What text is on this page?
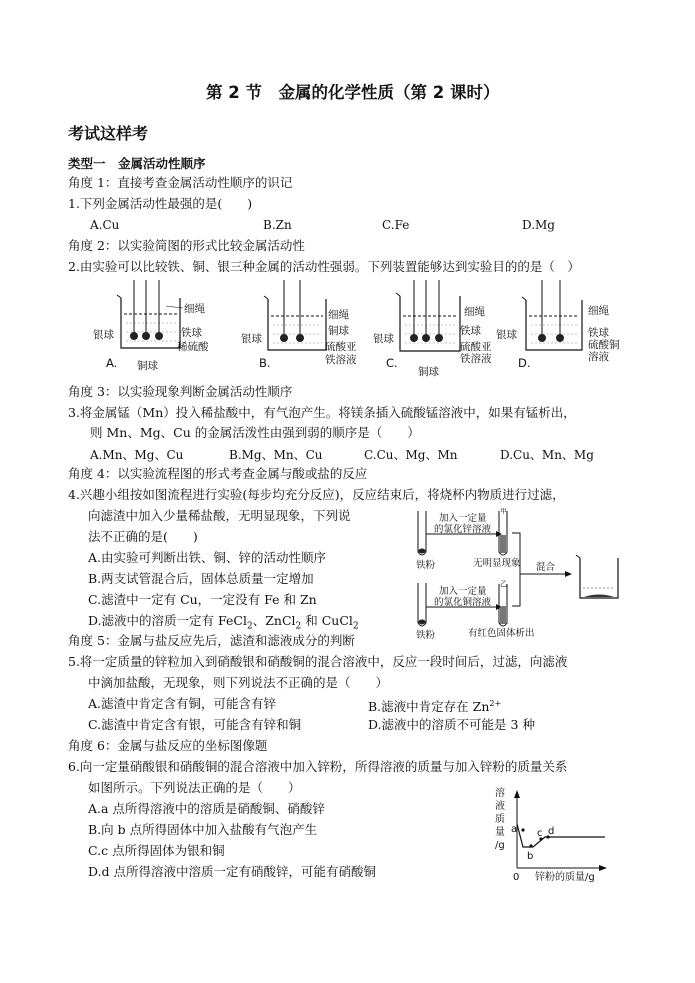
第 2 节　金属的化学性质（第 2 课时）
考试这样考
类型一　金属活动性顺序
角度 1：直接考查金属活动性顺序的识记
1.下列金属活动性最强的是(　　)
A.Cu	B.Zn	C.Fe	D.Mg
角度 2：以实验简图的形式比较金属活动性
2.由实验可以比较铁、铜、银三种金属的活动性强弱。下列装置能够达到实验目的的是（　）
细绳
银球	铁球
稀硫酸
铜球
A.
细绳
铜球
银球
硫酸亚
铁溶液
B.
细绳
铁球
银球
硫酸亚
铁溶液
铜球
C.
细绳
铁球
银球
硫酸铜
溶液
D.
角度 3：以实验现象判断金属活动性顺序
3.将金属锰（Mn）投入稀盐酸中，有气泡产生。将镁条插入硫酸锰溶液中，如果有锰析出，
则 Mn、Mg、Cu 的金属活泼性由强到弱的顺序是（　　）
A.Mn、Mg、Cu	B.Mg、Mn、Cu	C.Cu、Mg、Mn	D.Cu、Mn、Mg
角度 4：以实验流程图的形式考查金属与酸或盐的反应
4.兴趣小组按如图流程进行实验(每步均充分反应)，反应结束后，将烧杯内物质进行过滤，
向滤渣中加入少量稀盐酸，无明显现象，下列说
法不正确的是(　　)
A.由实验可判断出铁、铜、锌的活动性顺序
B.两支试管混合后，固体总质量一定增加
C.滤渣中一定有 Cu，一定没有 Fe 和 Zn
D.滤液中的溶质一定有 FeCl$_2$、ZnCl$_2$ 和 CuCl$_2$
加入一定量
的氯化锌溶液
铁粉	无明显现象
甲
加入一定量
的氯化铜溶液
铁粉	有红色固体析出
乙
混合
角度 5：金属与盐反应先后，滤渣和滤液成分的判断
5.将一定质量的锌粒加入到硝酸银和硝酸铜的混合溶液中，反应一段时间后，过滤，向滤液
中滴加盐酸，无现象，则下列说法不正确的是（　　）
A.滤渣中肯定含有铜，可能含有锌	B.滤液中肯定存在 $Zn^{2+}$
C.滤渣中肯定含有银，可能含有锌和铜	D.滤液中的溶质不可能是 3 种
角度 6：金属与盐反应的坐标图像题
6.向一定量硝酸银和硝酸铜的混合溶液中加入锌粉，所得溶液的质量与加入锌粉的质量关系
如图所示。下列说法正确的是（　　）
A.a 点所得溶液中的溶质是硝酸铜、硝酸锌
B.向 b 点所得固体中加入盐酸有气泡产生
C.c 点所得固体为银和铜
D.d 点所得溶液中溶质一定有硝酸锌，可能有硝酸铜
溶
液
质
量
/g
a
b
c d
0 锌粉的质量/g
